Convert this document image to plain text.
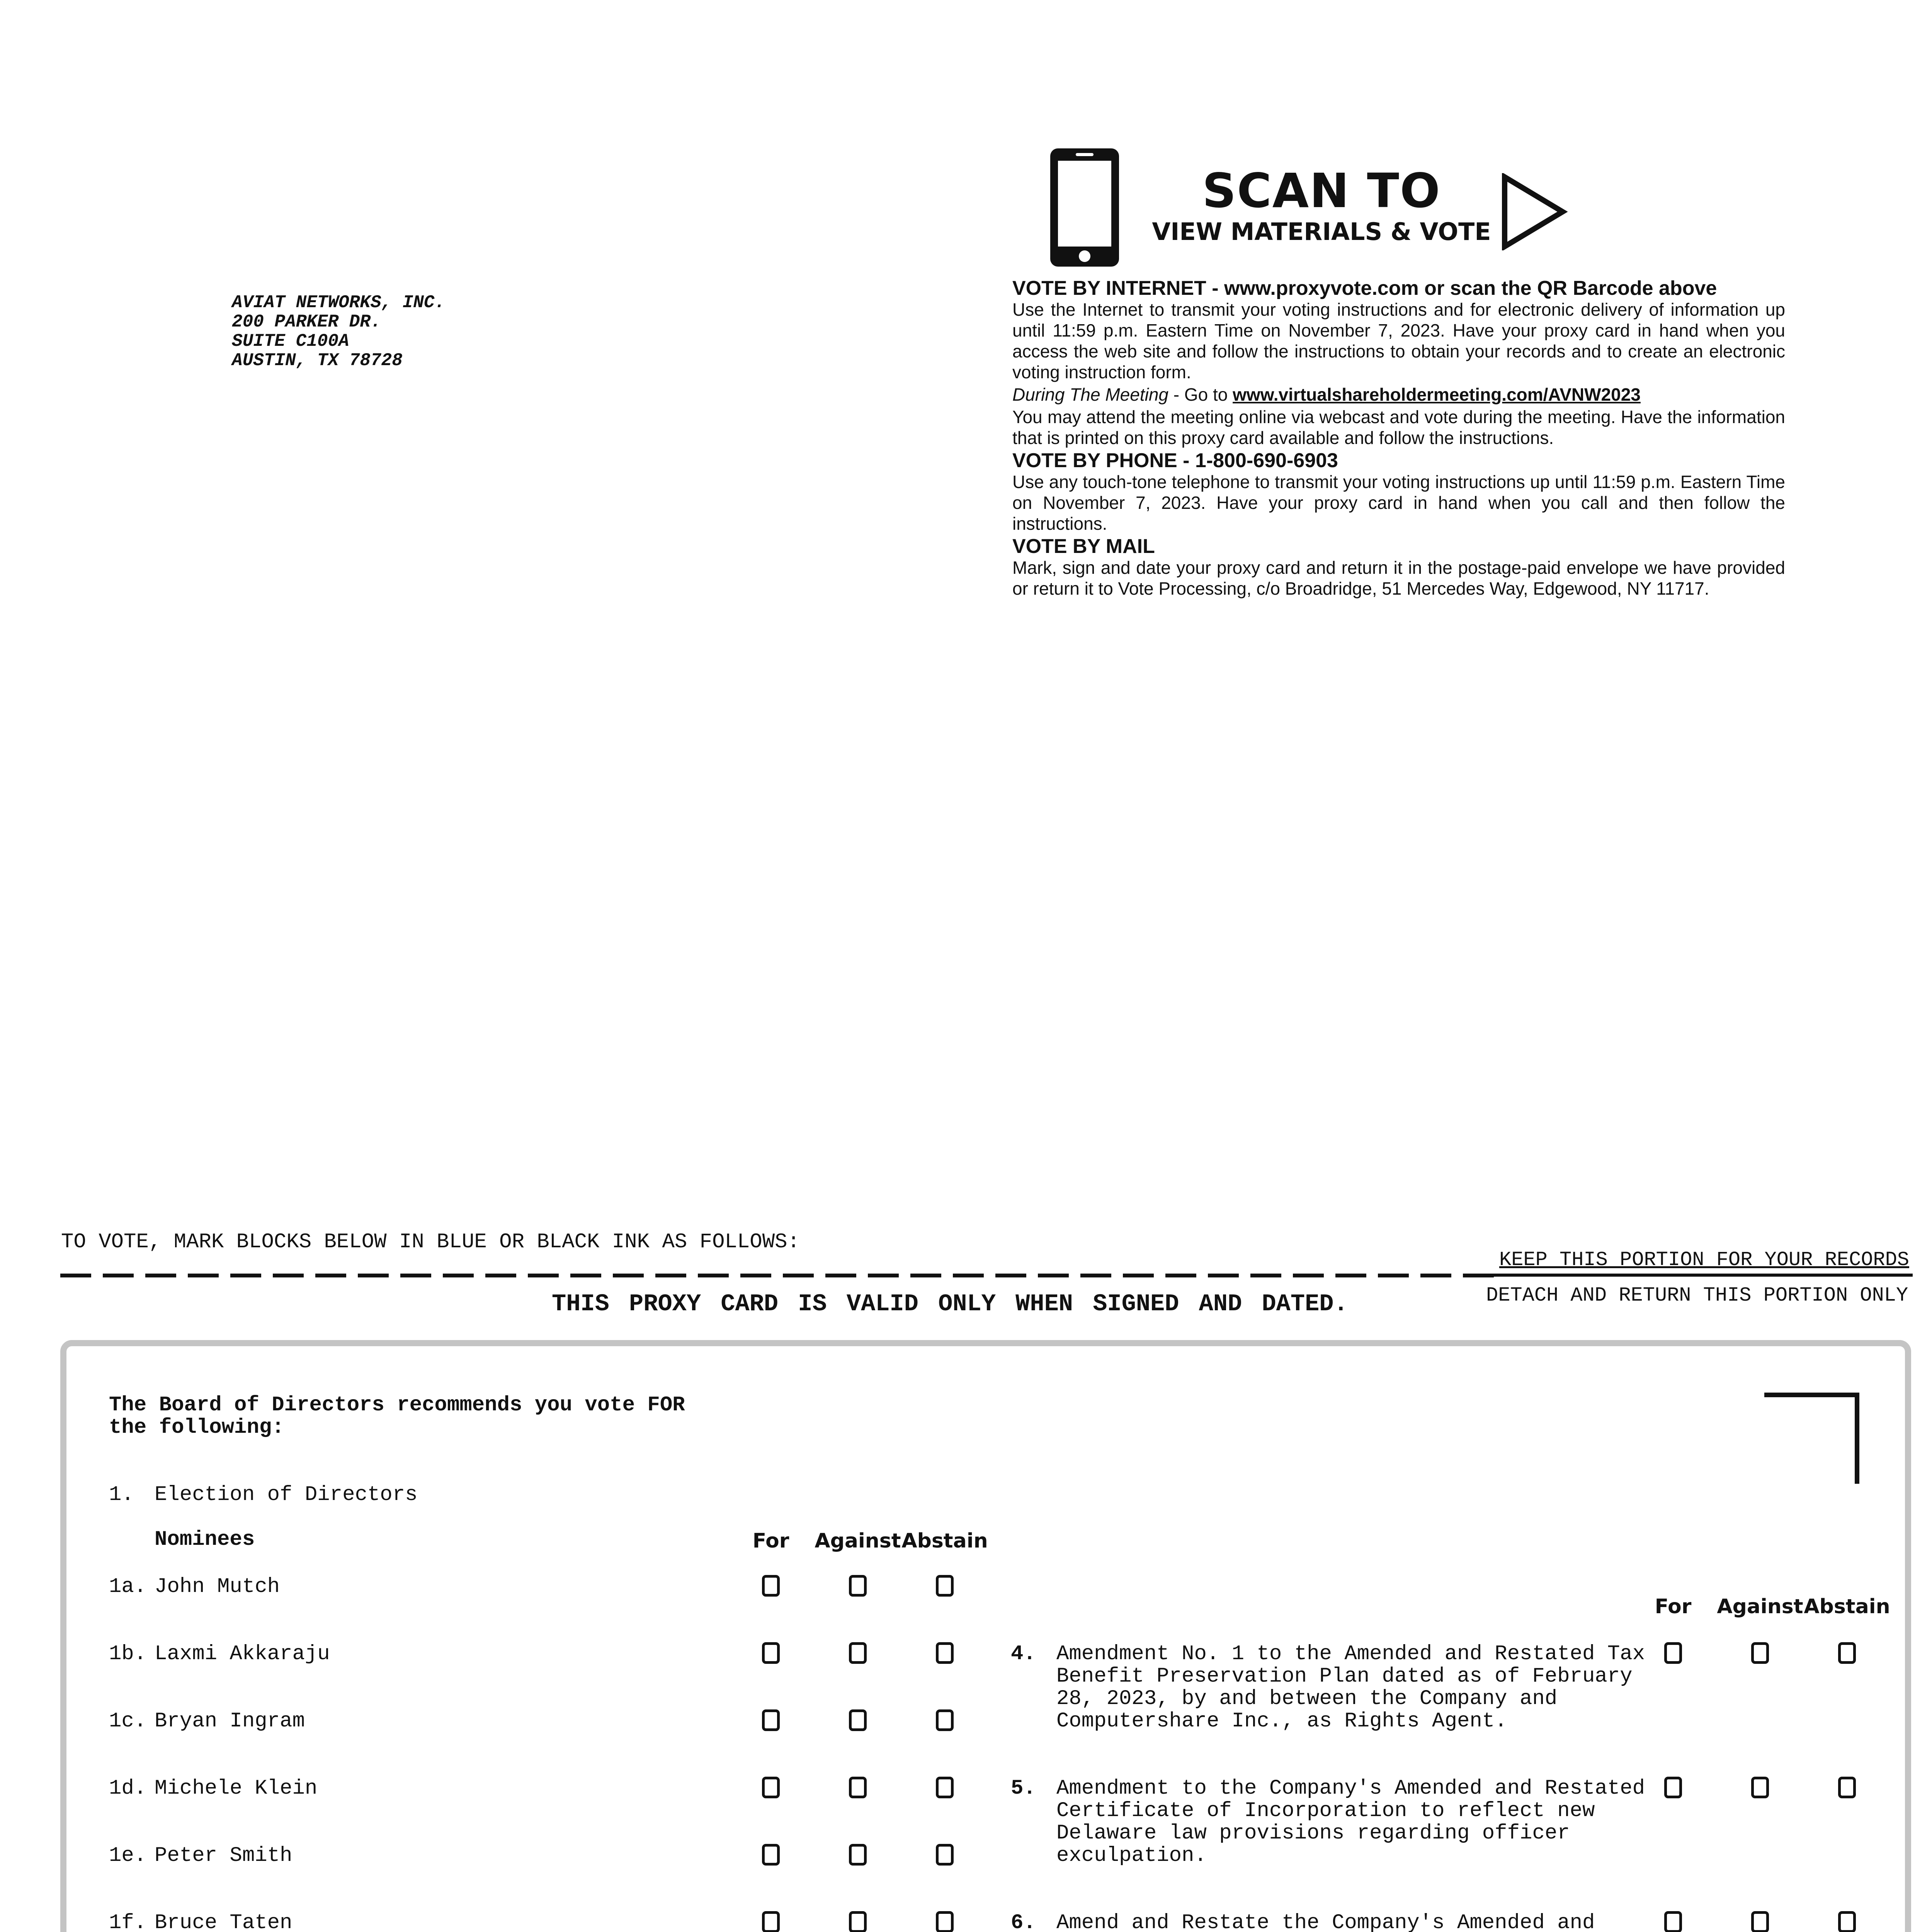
AVIAT NETWORKS, INC.
200 PARKER DR.
SUITE C100A
AUSTIN, TX 78728
SCAN TO
VIEW MATERIALS & VOTE
VOTE BY INTERNET - www.proxyvote.com or scan the QR Barcode above
Use the Internet to transmit your voting instructions and for electronic delivery of information up until 11:59 p.m. Eastern Time on November 7, 2023. Have your proxy card in hand when you access the web site and follow the instructions to obtain your records and to create an electronic voting instruction form.
During The Meeting - Go to www.virtualshareholdermeeting.com/AVNW2023
You may attend the meeting online via webcast and vote during the meeting. Have the information that is printed on this proxy card available and follow the instructions.
VOTE BY PHONE - 1-800-690-6903
Use any touch-tone telephone to transmit your voting instructions up until 11:59 p.m. Eastern Time on November 7, 2023. Have your proxy card in hand when you call and then follow the instructions.
VOTE BY MAIL
Mark, sign and date your proxy card and return it in the postage-paid envelope we have provided or return it to Vote Processing, c/o Broadridge, 51 Mercedes Way, Edgewood, NY 11717.
TO VOTE, MARK BLOCKS BELOW IN BLUE OR BLACK INK AS FOLLOWS:
KEEP THIS PORTION FOR YOUR RECORDS
DETACH AND RETURN THIS PORTION ONLY
THIS PROXY CARD IS VALID ONLY WHEN SIGNED AND DATED.
The Board of Directors recommends you vote FOR
the following:
1. Election of Directors
Nominees	For	Against Abstain
1a. John Mutch
1b. Laxmi Akkaraju
1c. Bryan Ingram
1d. Michele Klein
1e. Peter Smith
1f. Bruce Taten
For	Against Abstain
4. Amendment No. 1 to the Amended and Restated Tax
Benefit Preservation Plan dated as of February
28, 2023, by and between the Company and
Computershare Inc., as Rights Agent.
5. Amendment to the Company's Amended and Restated
Certificate of Incorporation to reflect new
Delaware law provisions regarding officer
exculpation.
6. Amend and Restate the Company's Amended and
